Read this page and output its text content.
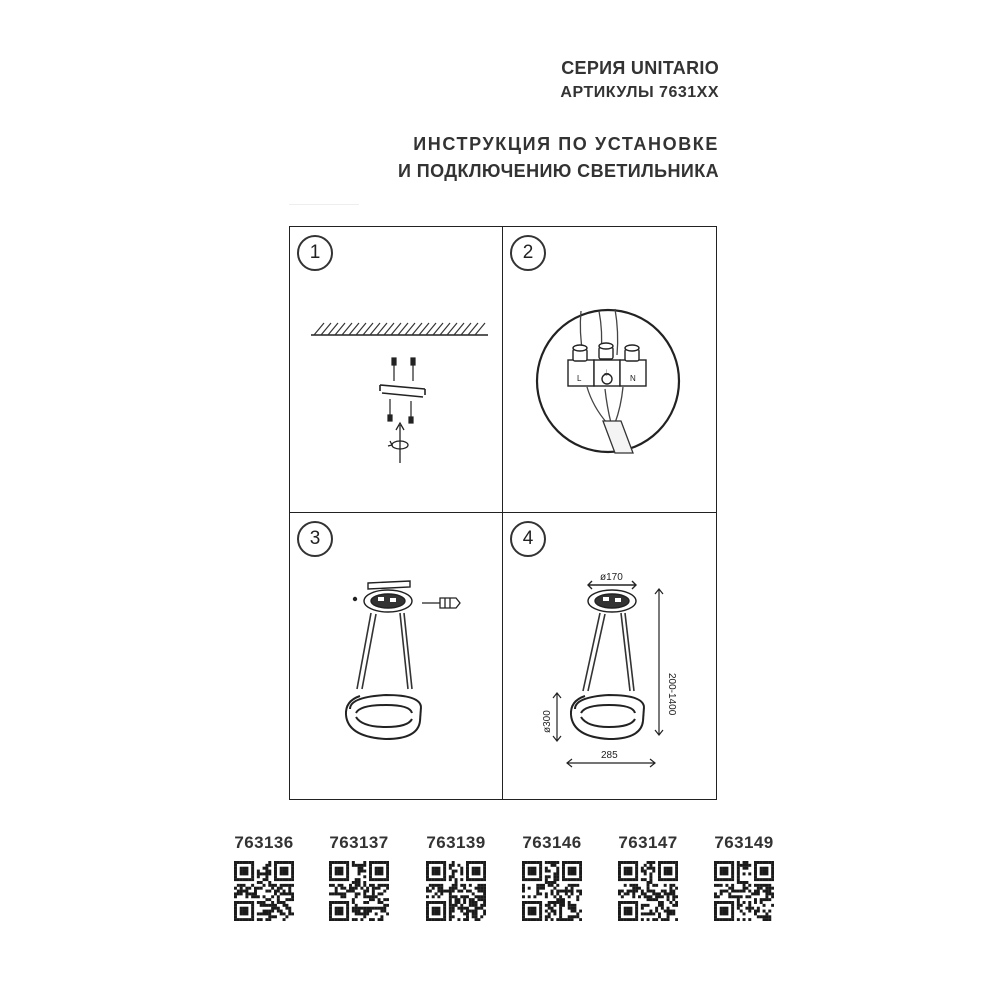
СЕРИЯ UNITARIO
АРТИКУЛЫ 7631XX
ИНСТРУКЦИЯ ПО УСТАНОВКЕ
И ПОДКЛЮЧЕНИЮ СВЕТИЛЬНИКА
1	2
L
⏚
N
3	4
ø170
200-1400
ø300
285
763136	763137	763139	763146	763147	763149
